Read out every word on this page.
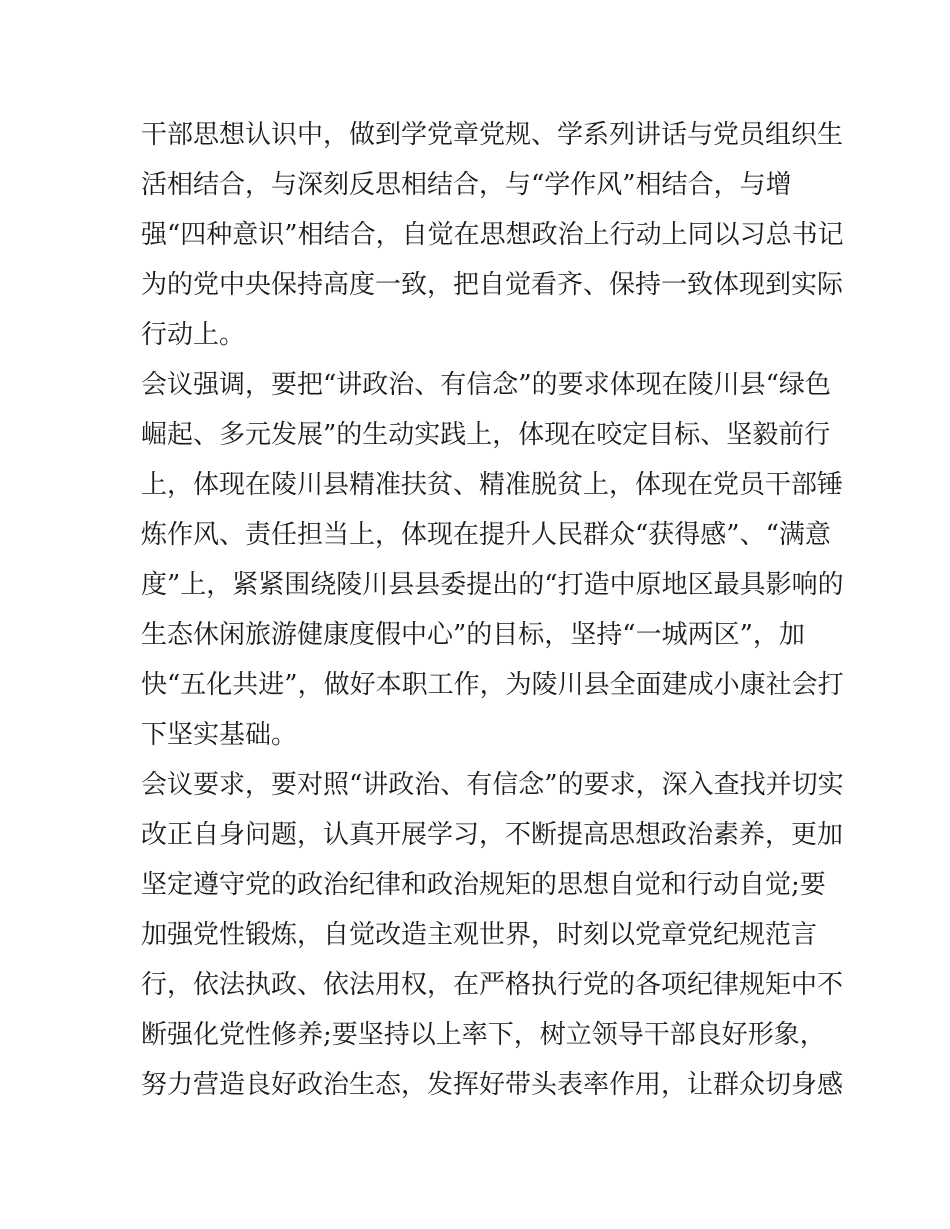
干部思想认识中，做到学党章党规、学系列讲话与党员组织生
活相结合，与深刻反思相结合，与“学作风”相结合，与增
强“四种意识”相结合，自觉在思想政治上行动上同以习总书记
为的党中央保持高度一致，把自觉看齐、保持一致体现到实际
行动上。
会议强调，要把“讲政治、有信念”的要求体现在陵川县“绿色
崛起、多元发展”的生动实践上，体现在咬定目标、坚毅前行
上，体现在陵川县精准扶贫、精准脱贫上，体现在党员干部锤
炼作风、责任担当上，体现在提升人民群众“获得感”、“满意
度”上，紧紧围绕陵川县县委提出的“打造中原地区最具影响的
生态休闲旅游健康度假中心”的目标，坚持“一城两区”，加
快“五化共进”，做好本职工作，为陵川县全面建成小康社会打
下坚实基础。
会议要求，要对照“讲政治、有信念”的要求，深入查找并切实
改正自身问题，认真开展学习，不断提高思想政治素养，更加
坚定遵守党的政治纪律和政治规矩的思想自觉和行动自觉;要
加强党性锻炼，自觉改造主观世界，时刻以党章党纪规范言
行，依法执政、依法用权，在严格执行党的各项纪律规矩中不
断强化党性修养;要坚持以上率下，树立领导干部良好形象，
努力营造良好政治生态，发挥好带头表率作用，让群众切身感
